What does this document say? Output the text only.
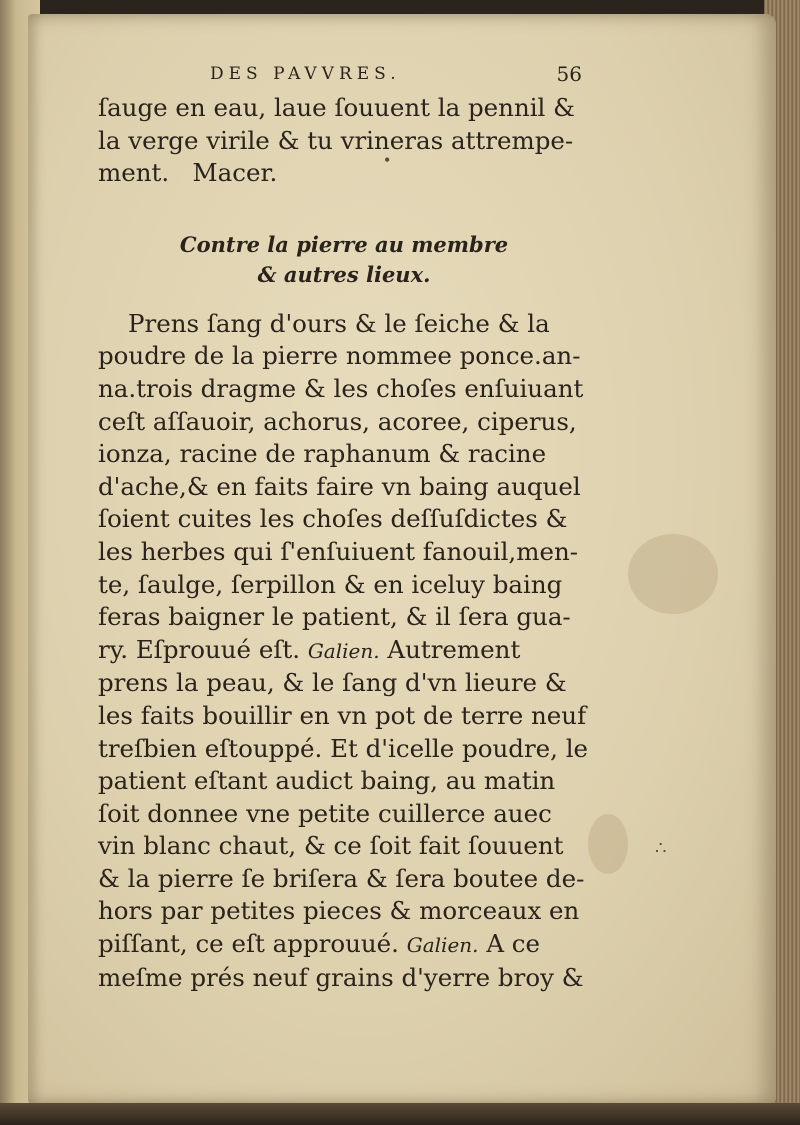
•
∴
DES PAVVRES.	56
ſauge en eau, laue ſouuent la pennil &
la verge virile & tu vrineras attrempe-
ment. Macer.
Contre la pierre au membre
& autres lieux.
Prens ſang d'ours & le ſeiche & la
poudre de la pierre nommee ponce.an-
na.trois dragme & les choſes enſuiuant
ceſt aſſauoir, achorus, acoree, ciperus,
ionza, racine de raphanum & racine
d'ache,& en faits faire vn baing auquel
ſoient cuites les choſes deſſuſdictes &
les herbes qui ſ'enſuiuent fanouil,men-
te, ſaulge, ſerpillon & en iceluy baing
feras baigner le patient, & il ſera gua-
ry. Eſprouué eſt. Galien. Autrement
prens la peau, & le ſang d'vn lieure &
les faits bouillir en vn pot de terre neuf
treſbien eſtouppé. Et d'icelle poudre, le
patient eſtant audict baing, au matin
ſoit donnee vne petite cuillerce auec
vin blanc chaut, & ce ſoit fait ſouuent
& la pierre ſe briſera & ſera boutee de-
hors par petites pieces & morceaux en
piſſant, ce eſt approuué. Galien. A ce
meſme prés neuf grains d'yerre broy &
